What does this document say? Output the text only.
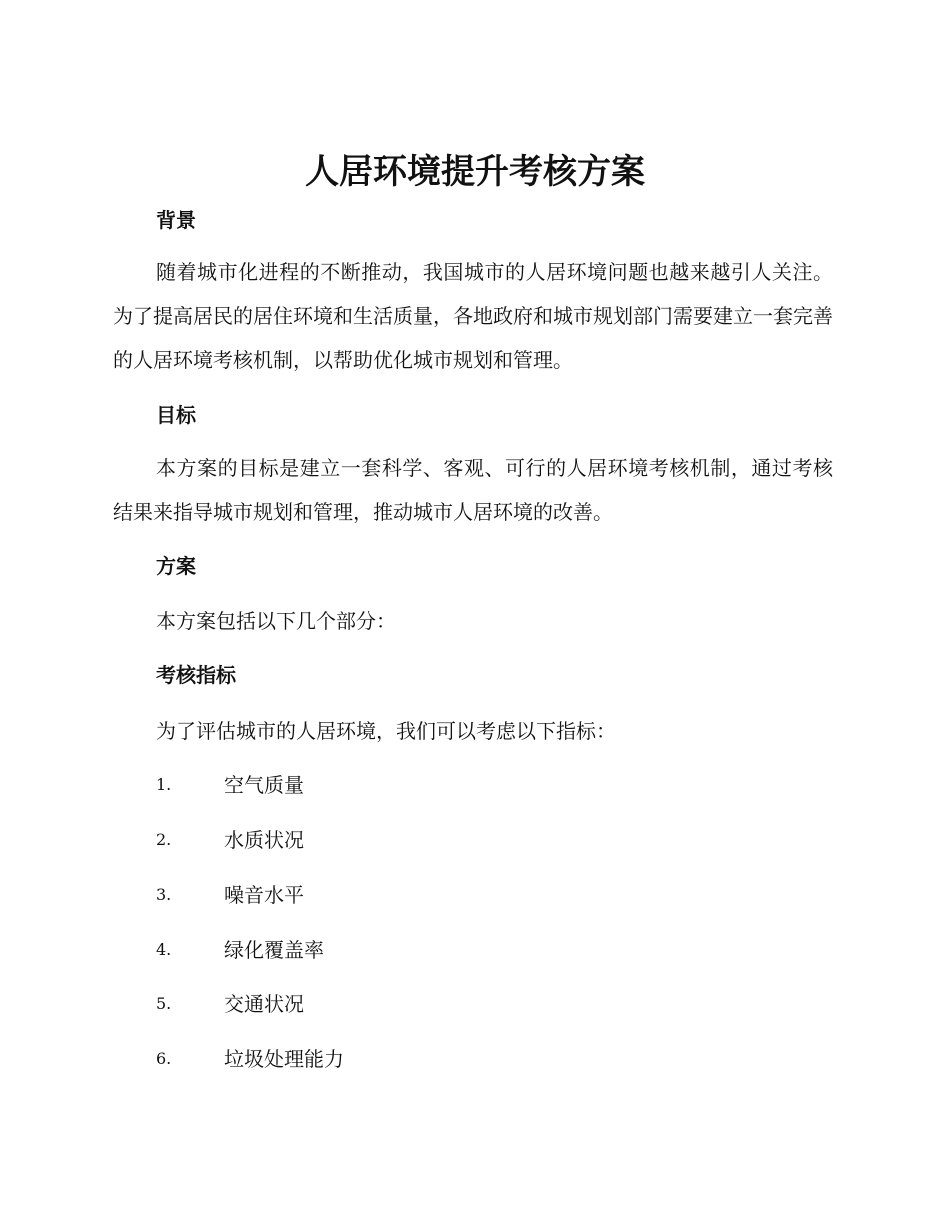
人居环境提升考核方案
背景

随着城市化进程的不断推动，我国城市的人居环境问题也越来越引人关注。为了提高居民的居住环境和生活质量，各地政府和城市规划部门需要建立一套完善的人居环境考核机制，以帮助优化城市规划和管理。

目标

本方案的目标是建立一套科学、客观、可行的人居环境考核机制，通过考核结果来指导城市规划和管理，推动城市人居环境的改善。

方案

本方案包括以下几个部分：

考核指标

为了评估城市的人居环境，我们可以考虑以下指标：

1.	空气质量
2.	水质状况
3.	噪音水平
4.	绿化覆盖率
5.	交通状况
6.	垃圾处理能力
